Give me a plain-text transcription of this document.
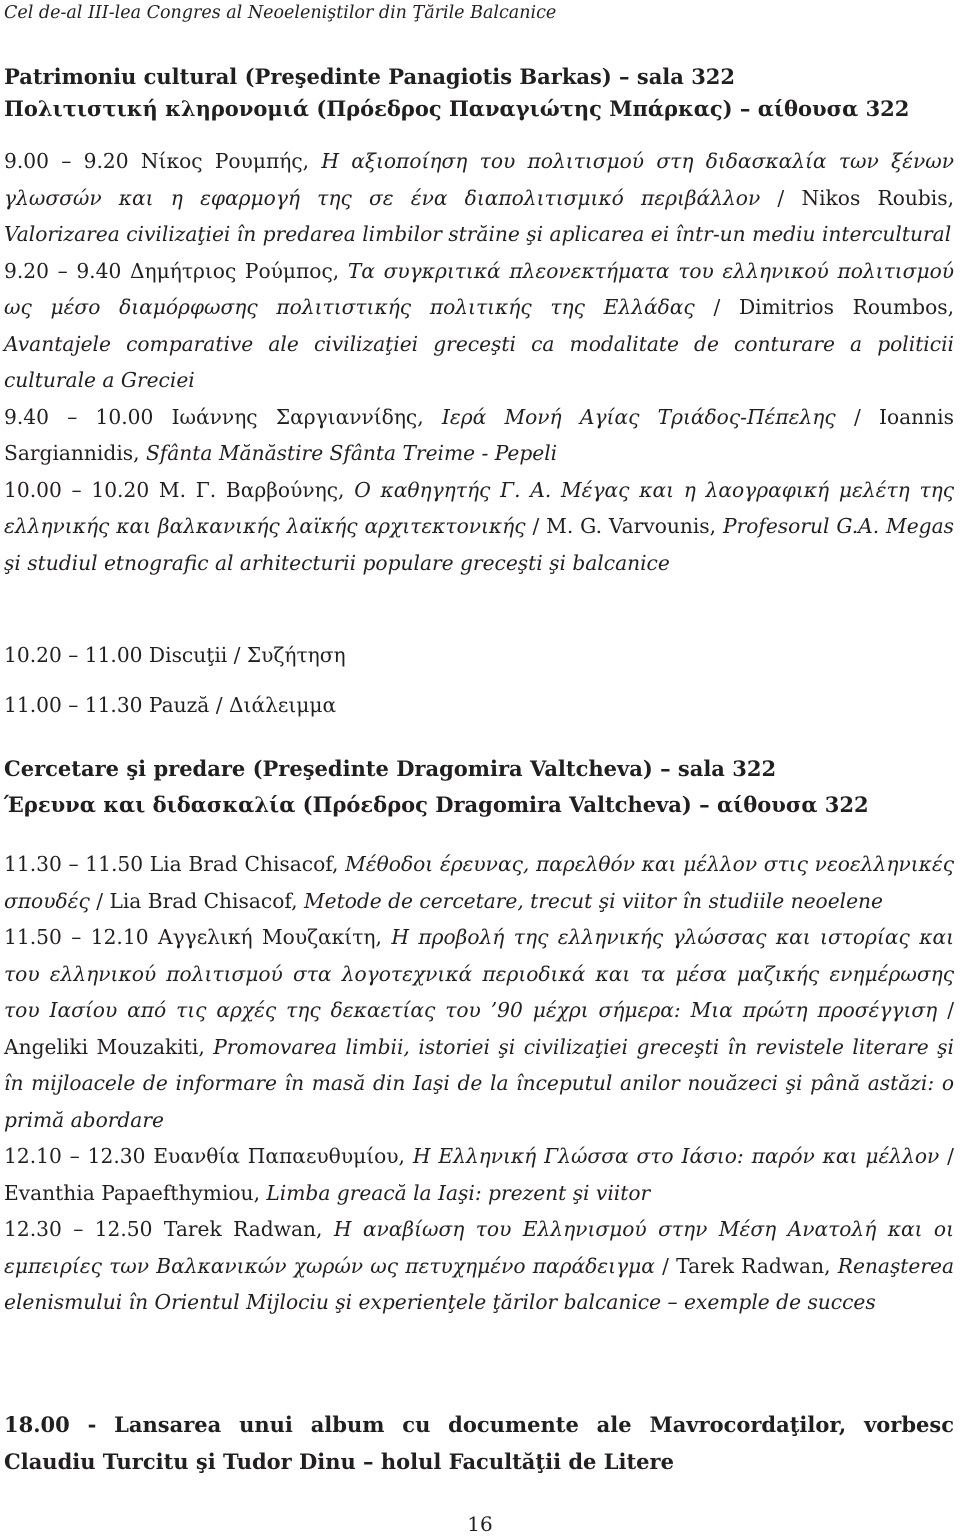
Cel de-al III-lea Congres al Neoeleniştilor din Ţările Balcanice
Patrimoniu cultural (Preşedinte Panagiotis Barkas) – sala 322
Πολιτιστική κληρονομιά (Πρόεδρος Παναγιώτης Μπάρκας) – αίθουσα 322
9.00 – 9.20 Νίκος Ρουμπής, Η αξιοποίηση του πολιτισμού στη διδασκαλία των ξένων γλωσσών και η εφαρμογή της σε ένα διαπολιτισμικό περιβάλλον / Nikos Roubis, Valorizarea civilizaţiei în predarea limbilor străine şi aplicarea ei într-un mediu intercultural
9.20 – 9.40 Δημήτριος Ρούμπος, Τα συγκριτικά πλεονεκτήματα του ελληνικού πολιτισμού ως μέσο διαμόρφωσης πολιτιστικής πολιτικής της Ελλάδας / Dimitrios Roumbos, Avantajele comparative ale civilizaţiei greceşti ca modalitate de conturare a politicii culturale a Greciei
9.40 – 10.00 Ιωάννης Σαργιαννίδης, Ιερά Μονή Αγίας Τριάδος-Πέπελης / Ioannis Sargiannidis, Sfânta Mănăstire Sfânta Treime - Pepeli
10.00 – 10.20 Μ. Γ. Βαρβούνης, Ο καθηγητής Γ. Α. Μέγας και η λαογραφική μελέτη της ελληνικής και βαλκανικής λαϊκής αρχιτεκτονικής / M. G. Varvounis, Profesorul G.A. Megas şi studiul etnografic al arhitecturii populare greceşti şi balcanice
10.20 – 11.00 Discuţii / Συζήτηση
11.00 – 11.30 Pauză / Διάλειμμα
Cercetare şi predare (Preşedinte Dragomira Valtcheva) – sala 322
Έρευνα και διδασκαλία (Πρόεδρος Dragomira Valtcheva) – αίθουσα 322
11.30 – 11.50 Lia Brad Chisacof, Μέθοδοι έρευνας, παρελθόν και μέλλον στις νεοελληνικές σπουδές / Lia Brad Chisacof, Metode de cercetare, trecut şi viitor în studiile neoelene
11.50 – 12.10 Αγγελική Μουζακίτη, Η προβολή της ελληνικής γλώσσας και ιστορίας και του ελληνικού πολιτισμού στα λογοτεχνικά περιοδικά και τα μέσα μαζικής ενημέρωσης του Ιασίου από τις αρχές της δεκαετίας του ’90 μέχρι σήμερα: Μια πρώτη προσέγγιση / Angeliki Mouzakiti, Promovarea limbii, istoriei şi civilizaţiei greceşti în revistele literare şi în mijloacele de informare în masă din Iaşi de la începutul anilor nouăzeci şi până astăzi: o primă abordare
12.10 – 12.30 Ευανθία Παπαευθυμίου, Η Ελληνική Γλώσσα στο Ιάσιο: παρόν και μέλλον / Evanthia Papaefthymiou, Limba greacă la Iaşi: prezent şi viitor
12.30 – 12.50 Tarek Radwan, Η αναβίωση του Ελληνισμού στην Μέση Ανατολή και οι εμπειρίες των Βαλκανικών χωρών ως πετυχημένο παράδειγμα / Tarek Radwan, Renaşterea elenismului în Orientul Mijlociu şi experienţele ţărilor balcanice – exemple de succes
18.00 - Lansarea unui album cu documente ale Mavrocordaţilor, vorbesc Claudiu Turcitu şi Tudor Dinu – holul Facultăţii de Litere
16
